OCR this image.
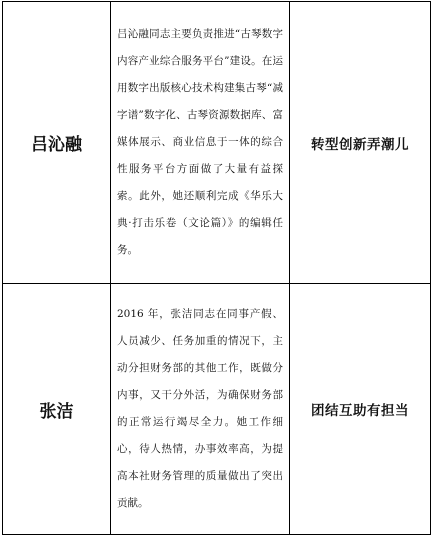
吕沁融	吕沁融同志主要负责推进“古琴数字内容产业综合服务平台”建设。在运用数字出版核心技术构建集古琴“减字谱”数字化、古琴资源数据库、富媒体展示、商业信息于一体的综合性服务平台方面做了大量有益探索。此外，她还顺利完成《华乐大典·打击乐卷（文论篇）》的编辑任务。	转型创新弄潮儿
张洁	2016 年，张洁同志在同事产假、人员减少、任务加重的情况下，主动分担财务部的其他工作，既做分内事，又干分外活，为确保财务部的正常运行竭尽全力。她工作细心，待人热情，办事效率高，为提高本社财务管理的质量做出了突出贡献。	团结互助有担当
